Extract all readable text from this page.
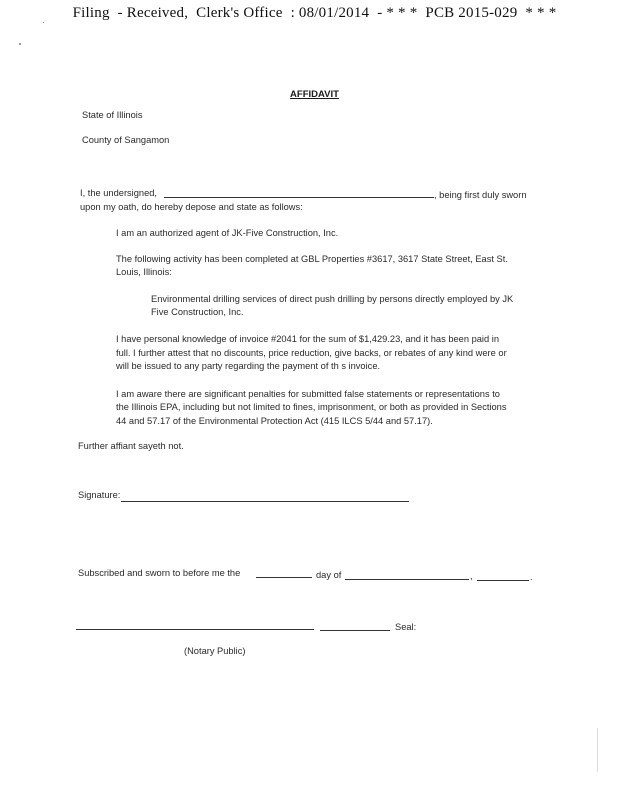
Filing - Received, Clerk's Office : 08/01/2014 - * * * PCB 2015-029 * * *
AFFIDAVIT
State of Illinois
County of Sangamon
I, the undersigned,	, being first duly sworn
upon my oath, do hereby depose and state as follows:
I am an authorized agent of JK-Five Construction, Inc.
The following activity has been completed at GBL Properties #3617, 3617 State Street, East St.
Louis, Illinois:
Environmental drilling services of direct push drilling by persons directly employed by JK
Five Construction, Inc.
I have personal knowledge of invoice #2041 for the sum of $1,429.23, and it has been paid in
full. I further attest that no discounts, price reduction, give backs, or rebates of any kind were or
will be issued to any party regarding the payment of th s invoice.
I am aware there are significant penalties for submitted false statements or representations to
the Illinois EPA, including but not limited to fines, imprisonment, or both as provided in Sections
44 and 57.17 of the Environmental Protection Act (415 ILCS 5/44 and 57.17).
Further affiant sayeth not.
Signature:
Subscribed and sworn to before me the	day of	,	.
Seal:
(Notary Public)
